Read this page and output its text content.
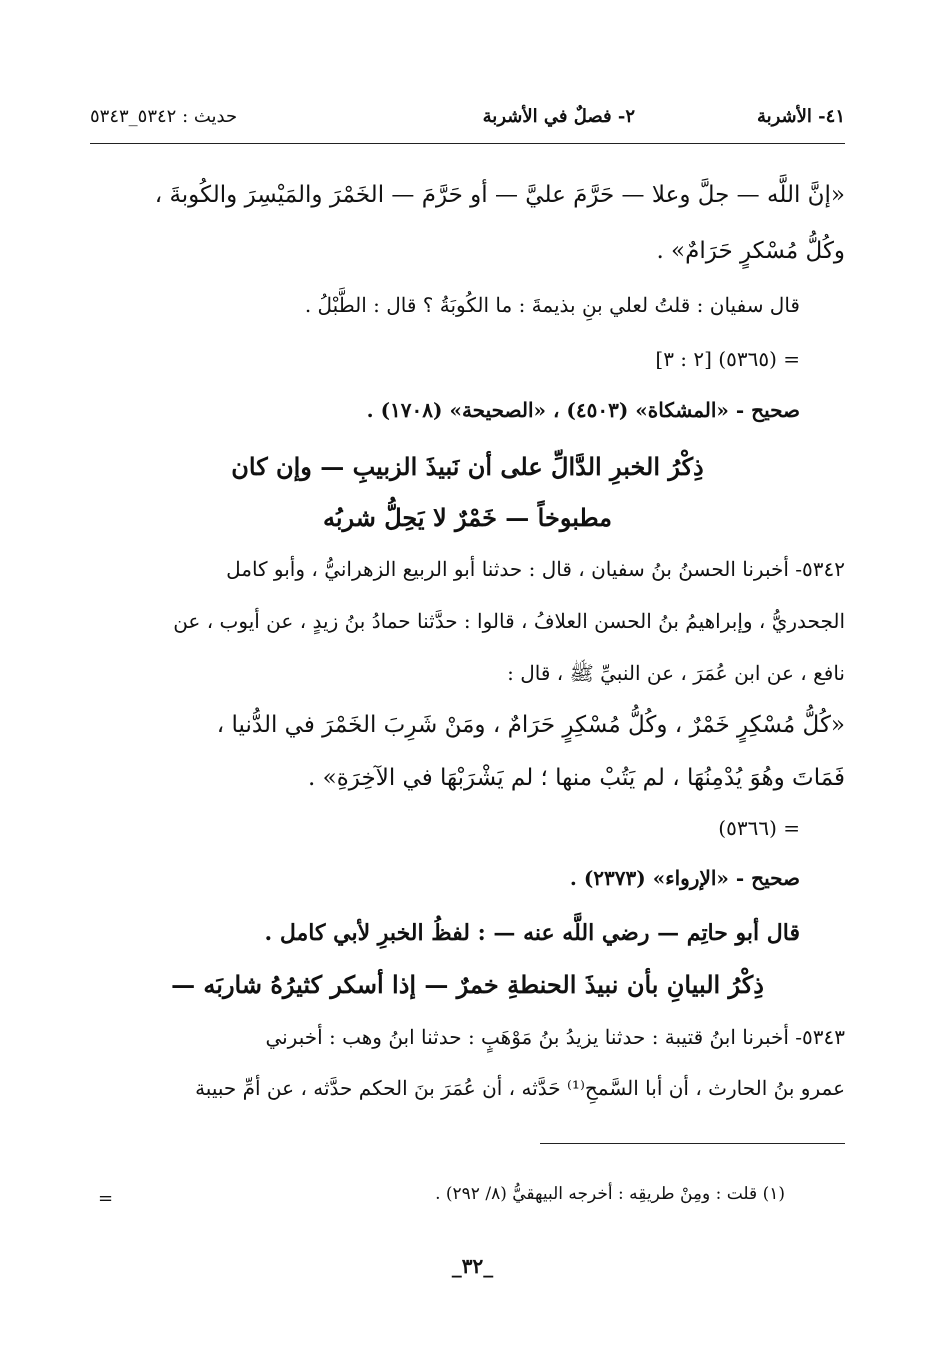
٤١- الأشربة
٢- فصلٌ في الأشربة
حديث : ٥٣٤٢_٥٣٤٣
«إنَّ اللَّه — جلَّ وعلا — حَرَّمَ عليَّ — أو حَرَّمَ — الخَمْرَ والمَيْسِرَ والكُوبةَ ،
وكُلُّ مُسْكرٍ حَرَامٌ» .
قال سفيان : قلتُ لعلي بنِ بذيمةَ : ما الكُوبَةُ ؟ قال : الطَّبْلُ .
= (٥٣٦٥) [٢ : ٣]
صحيح - «المشكاة» (٤٥٠٣) ، «الصحيحة» (١٧٠٨) .
ذِكْرُ الخبرِ الدَّالِّ على أن نَبيذَ الزبيبِ — وإن كان
مطبوخاً — خَمْرٌ لا يَحِلُّ شربُه
٥٣٤٢- أخبرنا الحسنُ بنُ سفيان ، قال : حدثنا أبو الربيع الزهرانيُّ ، وأبو كامل
الجحدريُّ ، وإبراهيمُ بنُ الحسن العلافُ ، قالوا : حدَّثنا حمادُ بنُ زيدٍ ، عن أيوب ، عن
نافع ، عن ابن عُمَرَ ، عن النبيِّ ﷺ ، قال :
«كُلُّ مُسْكِرٍ خَمْرٌ ، وكُلُّ مُسْكِرٍ حَرَامٌ ، ومَنْ شَرِبَ الخَمْرَ في الدُّنيا ،
فَمَاتَ وهُوَ يُدْمِنُهَا ، لم يَتُبْ منها ؛ لم يَشْرَبْهَا في الآخِرَةِ» .
= (٥٣٦٦)
صحيح - «الإرواء» (٢٣٧٣) .
قال أبو حاتِم — رضي اللَّه عنه — : لفظُ الخبرِ لأبي كامل .
ذِكْرُ البيانِ بأن نبيذَ الحنطةِ خمرٌ — إذا أسكر كثيرُهُ شاربَه —
٥٣٤٣- أخبرنا ابنُ قتيبة : حدثنا يزيدُ بنُ مَوْهَبٍ : حدثنا ابنُ وهب : أخبرني
عمرو بنُ الحارث ، أن أبا السَّمحِ⁽¹⁾ حَدَّثه ، أن عُمَرَ بنَ الحكم حدَّثه ، عن أمِّ حبيبة
(١) قلت : ومِنْ طريقِه : أخرجه البيهقيُّ (٨/ ٢٩٢) .
=
_٣٢_
